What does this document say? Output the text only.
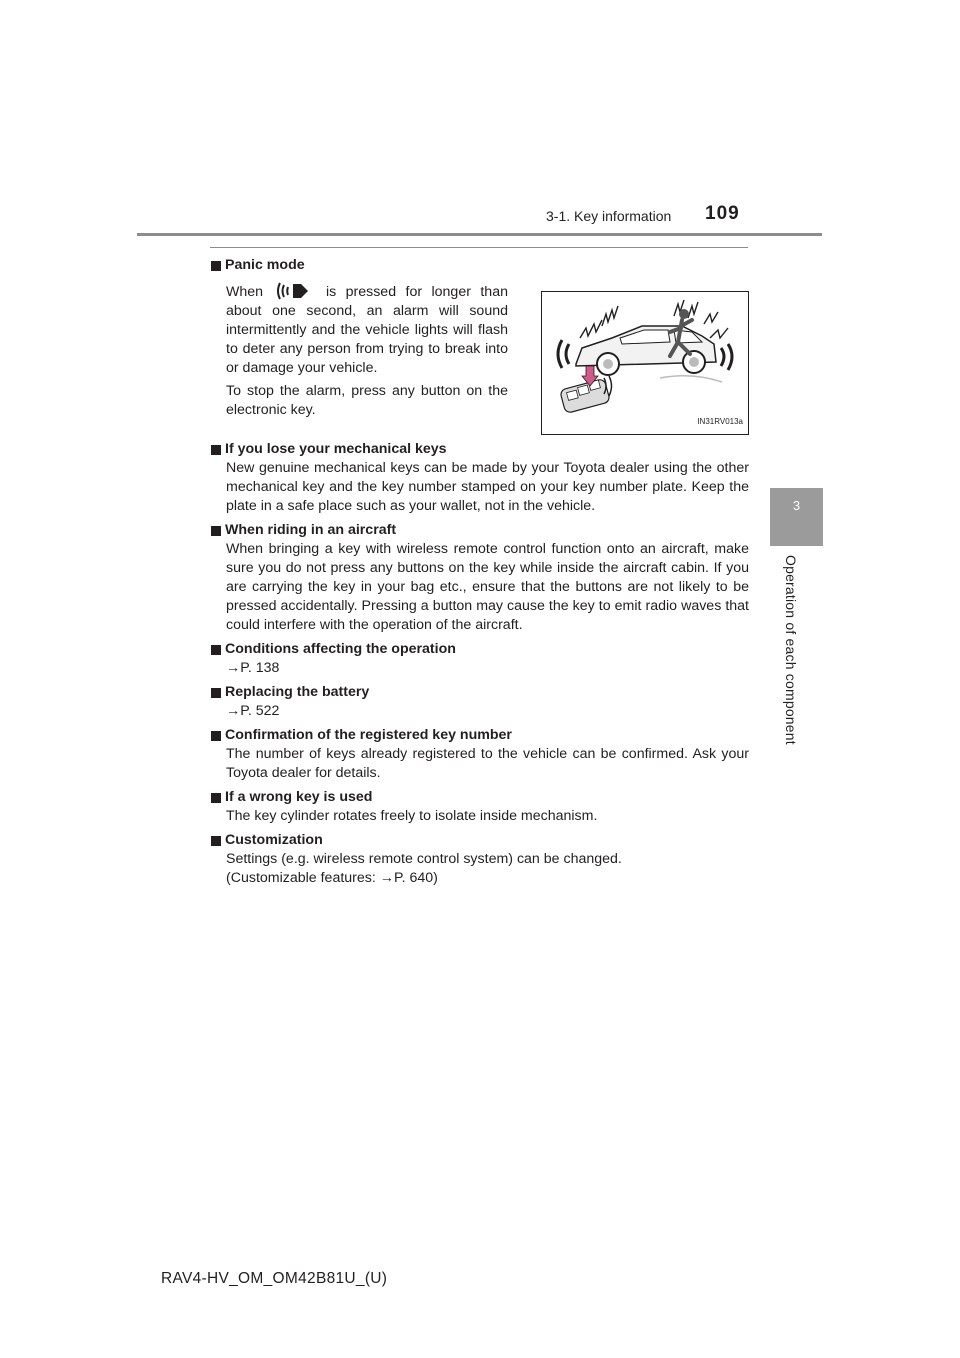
3-1. Key information 109
3
Operation of each component
Panic mode

When	is pressed for longer than about one second, an alarm will sound intermittently and the vehicle lights will flash to deter any person from trying to break into or damage your vehicle.

To stop the alarm, press any button on the electronic key.

IN31RV013a
If you lose your mechanical keys

New genuine mechanical keys can be made by your Toyota dealer using the other mechanical key and the key number stamped on your key number plate. Keep the plate in a safe place such as your wallet, not in the vehicle.

When riding in an aircraft

When bringing a key with wireless remote control function onto an aircraft, make sure you do not press any buttons on the key while inside the aircraft cabin. If you are carrying the key in your bag etc., ensure that the buttons are not likely to be pressed accidentally. Pressing a button may cause the key to emit radio waves that could interfere with the operation of the aircraft.

Conditions affecting the operation
→P. 138
Replacing the battery
→P. 522
Confirmation of the registered key number

The number of keys already registered to the vehicle can be confirmed. Ask your Toyota dealer for details.

If a wrong key is used

The key cylinder rotates freely to isolate inside mechanism.

Customization

Settings (e.g. wireless remote control system) can be changed.

(Customizable features: →P. 640)

RAV4-HV_OM_OM42B81U_(U)
